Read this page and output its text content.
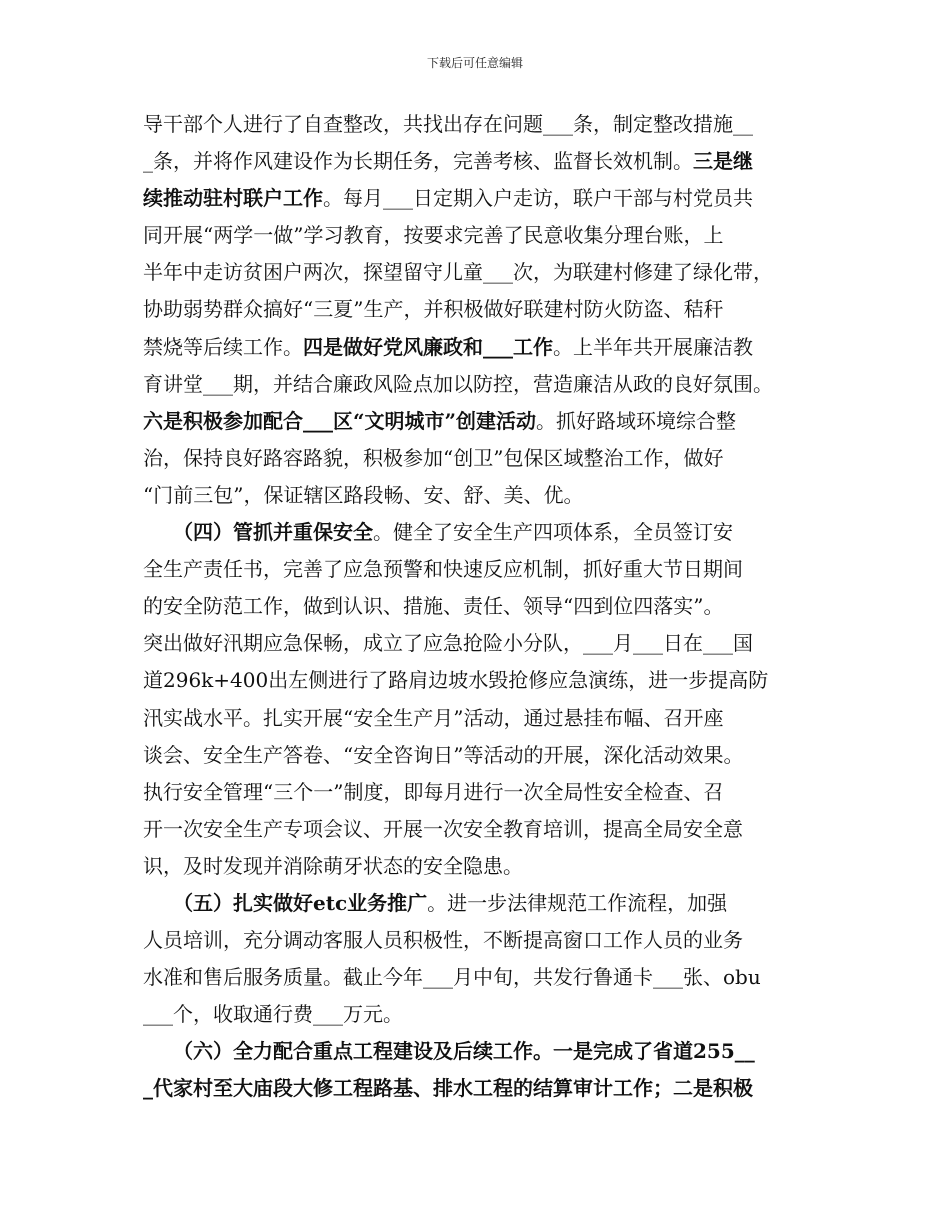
下载后可任意编辑
导干部个人进行了自查整改，共找出存在问题___条，制定整改措施__
_条，并将作风建设作为长期任务，完善考核、监督长效机制。三是继
续推动驻村联户工作。每月___日定期入户走访，联户干部与村党员共
同开展“两学一做”学习教育，按要求完善了民意收集分理台账，上
半年中走访贫困户两次，探望留守儿童___次，为联建村修建了绿化带，
协助弱势群众搞好“三夏”生产，并积极做好联建村防火防盗、秸秆
禁烧等后续工作。四是做好党风廉政和___工作。上半年共开展廉洁教
育讲堂___期，并结合廉政风险点加以防控，营造廉洁从政的良好氛围。
六是积极参加配合___区“文明城市”创建活动。抓好路域环境综合整
治，保持良好路容路貌，积极参加“创卫”包保区域整治工作，做好
“门前三包”，保证辖区路段畅、安、舒、美、优。
　　（四）管抓并重保安全。健全了安全生产四项体系，全员签订安
全生产责任书，完善了应急预警和快速反应机制，抓好重大节日期间
的安全防范工作，做到认识、措施、责任、领导“四到位四落实”。
突出做好汛期应急保畅，成立了应急抢险小分队，___月___日在___国
道296k+400出左侧进行了路肩边坡水毁抢修应急演练，进一步提高防
汛实战水平。扎实开展“安全生产月”活动，通过悬挂布幅、召开座
谈会、安全生产答卷、“安全咨询日”等活动的开展，深化活动效果。
执行安全管理“三个一”制度，即每月进行一次全局性安全检查、召
开一次安全生产专项会议、开展一次安全教育培训，提高全局安全意
识，及时发现并消除萌牙状态的安全隐患。
　　（五）扎实做好etc业务推广。进一步法律规范工作流程，加强
人员培训，充分调动客服人员积极性，不断提高窗口工作人员的业务
水准和售后服务质量。截止今年___月中旬，共发行鲁通卡___张、obu
___个，收取通行费___万元。
　　（六）全力配合重点工程建设及后续工作。一是完成了省道255__
_代家村至大庙段大修工程路基、排水工程的结算审计工作；二是积极
